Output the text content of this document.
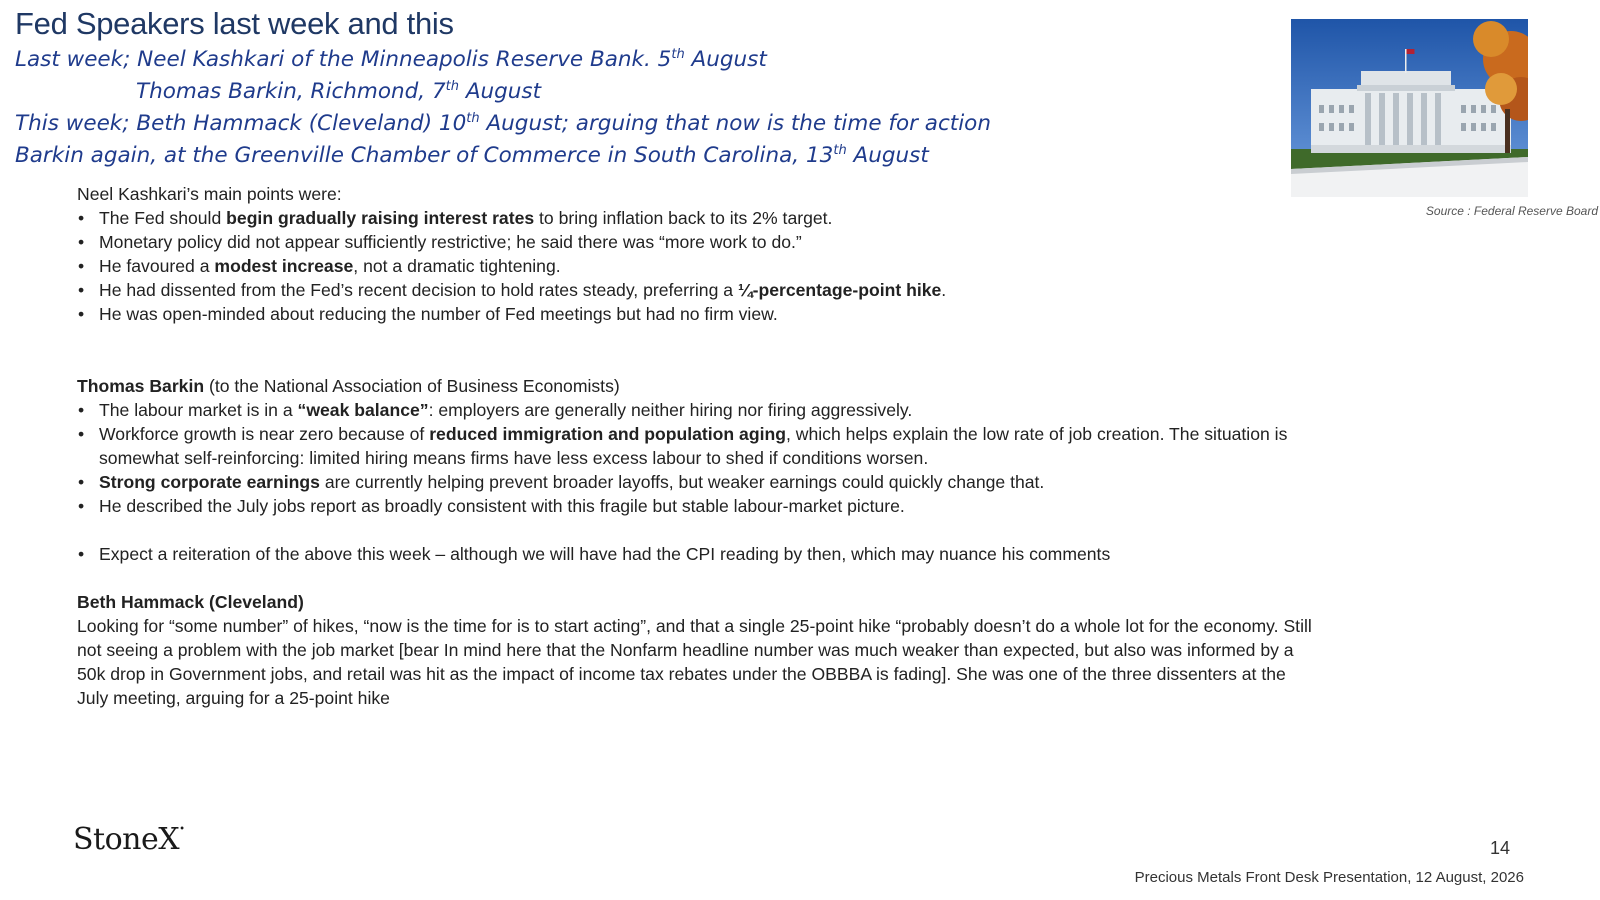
Fed Speakers last week and this
Last week; Neel Kashkari of the Minneapolis Reserve Bank. 5th August
Thomas Barkin, Richmond, 7th August
This week; Beth Hammack (Cleveland) 10th August; arguing that now is the time for action
Barkin again, at the Greenville Chamber of Commerce in South Carolina, 13th August

Neel Kashkari’s main points were:

• The Fed should begin gradually raising interest rates to bring inflation back to its 2% target.
• Monetary policy did not appear sufficiently restrictive; he said there was “more work to do.”
• He favoured a modest increase, not a dramatic tightening.
• He had dissented from the Fed’s recent decision to hold rates steady, preferring a ¼-percentage-point hike.
• He was open-minded about reducing the number of Fed meetings but had no firm view.

Thomas Barkin (to the National Association of Business Economists)

• The labour market is in a “weak balance”: employers are generally neither hiring nor firing aggressively.
• Workforce growth is near zero because of reduced immigration and population aging, which helps explain the low rate of job creation. The situation is somewhat self-reinforcing: limited hiring means firms have less excess labour to shed if conditions worsen.
• Strong corporate earnings are currently helping prevent broader layoffs, but weaker earnings could quickly change that.
• He described the July jobs report as broadly consistent with this fragile but stable labour-market picture.
• Expect a reiteration of the above this week – although we will have had the CPI reading by then, which may nuance his comments

Beth Hammack (Cleveland)

Looking for “some number” of hikes, “now is the time for is to start acting”, and that a single 25-point hike “probably doesn’t do a whole lot for the economy. Still not seeing a problem with the job market [bear In mind here that the Nonfarm headline number was much weaker than expected, but also was informed by a 50k drop in Government jobs, and retail was hit as the impact of income tax rebates under the OBBBA is fading]. She was one of the three dissenters at the July meeting, arguing for a 25-point hike

Source : Federal Reserve Board
StoneX•
14
Precious Metals Front Desk Presentation, 12 August, 2026
